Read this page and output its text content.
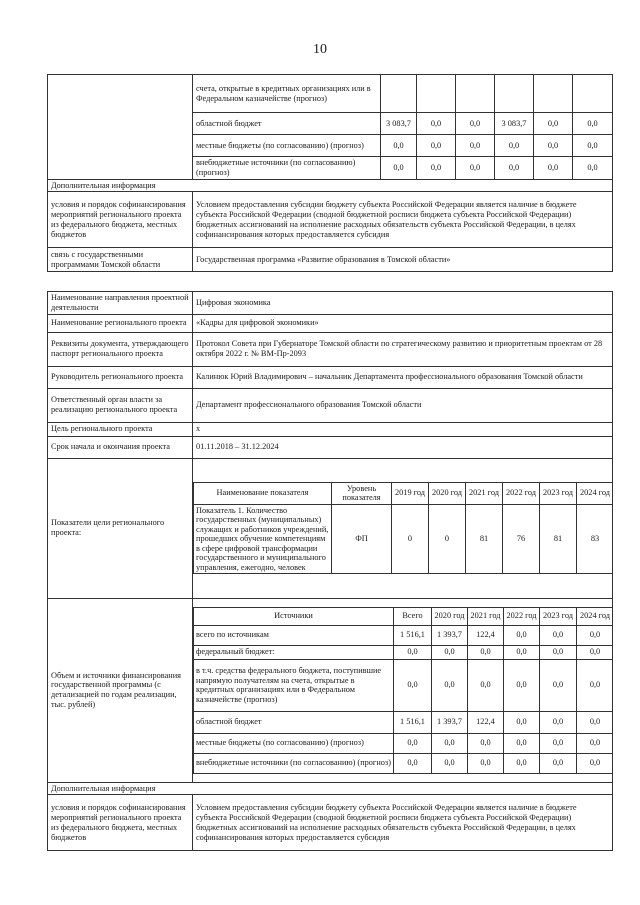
10
	счета, открытые в кредитных организациях или в Федеральном казначействе (прогноз)						
	областной бюджет	3 083,7	0,0	0,0	3 083,7	0,0	0,0
	местные бюджеты (по согласованию) (прогноз)	0,0	0,0	0,0	0,0	0,0	0,0
	внебюджетные источники (по согласованию) (прогноз)	0,0	0,0	0,0	0,0	0,0	0,0
Дополнительная информация							
условия и порядок софинансирования мероприятий регионального проекта из федерального бюджета, местных бюджетов	Условием предоставления субсидии бюджету субъекта Российской Федерации является наличие в бюджете субъекта Российской Федерации (сводной бюджетной росписи бюджета субъекта Российской Федерации) бюджетных ассигнований на исполнение расходных обязательств субъекта Российской Федерации, в целях софинансирования которых предоставляется субсидия						
связь с государственными программами Томской области	Государственная программа «Развитие образования в Томской области»						
Наименование направления проектной деятельности	Цифровая экономика
Наименование регионального проекта	«Кадры для цифровой экономики»
Реквизиты документа, утверждающего паспорт регионального проекта	Протокол Совета при Губернаторе Томской области по стратегическому развитию и приоритетным проектам от 28 октября 2022 г. № ВМ-Пр-2093
Руководитель регионального проекта	Калинюк Юрий Владимирович – начальник Департамента профессионального образования Томской области
Ответственный орган власти за реализацию регионального проекта	Департамент профессионального образования Томской области
Цель регионального проекта	х
Срок начала и окончания проекта	01.11.2018 – 31.12.2024
Показатели цели регионального проекта:	
Наименование показателя	Уровень показателя	2019 год	2020 год	2021 год	2022 год	2023 год	2024 год
Показатель 1. Количество государственных (муниципальных) служащих и работников учреждений, прошедших обучение компетенциям в сфере цифровой трансформации государственного и муниципального управления, ежегодно, человек	ФП	0	0	81	76	81	83

Объем и источники финансирования государственной программы (с детализацией по годам реализации, тыс. рублей)	
Источники	Всего	2020 год	2021 год	2022 год	2023 год	2024 год
всего по источникам	1 516,1	1 393,7	122,4	0,0	0,0	0,0
федеральный бюджет:	0,0	0,0	0,0	0,0	0,0	0,0
в т.ч. средства федерального бюджета, поступившие напрямую получателям на счета, открытые в кредитных организациях или в Федеральном казначействе (прогноз)	0,0	0,0	0,0	0,0	0,0	0,0
областной бюджет	1 516,1	1 393,7	122,4	0,0	0,0	0,0
местные бюджеты (по согласованию) (прогноз)	0,0	0,0	0,0	0,0	0,0	0,0
внебюджетные источники (по согласованию) (прогноз)	0,0	0,0	0,0	0,0	0,0	0,0

Дополнительная информация
условия и порядок софинансирования мероприятий регионального проекта из федерального бюджета, местных бюджетов	Условием предоставления субсидии бюджету субъекта Российской Федерации является наличие в бюджете субъекта Российской Федерации (сводной бюджетной росписи бюджета субъекта Российской Федерации) бюджетных ассигнований на исполнение расходных обязательств субъекта Российской Федерации, в целях софинансирования которых предоставляется субсидия
